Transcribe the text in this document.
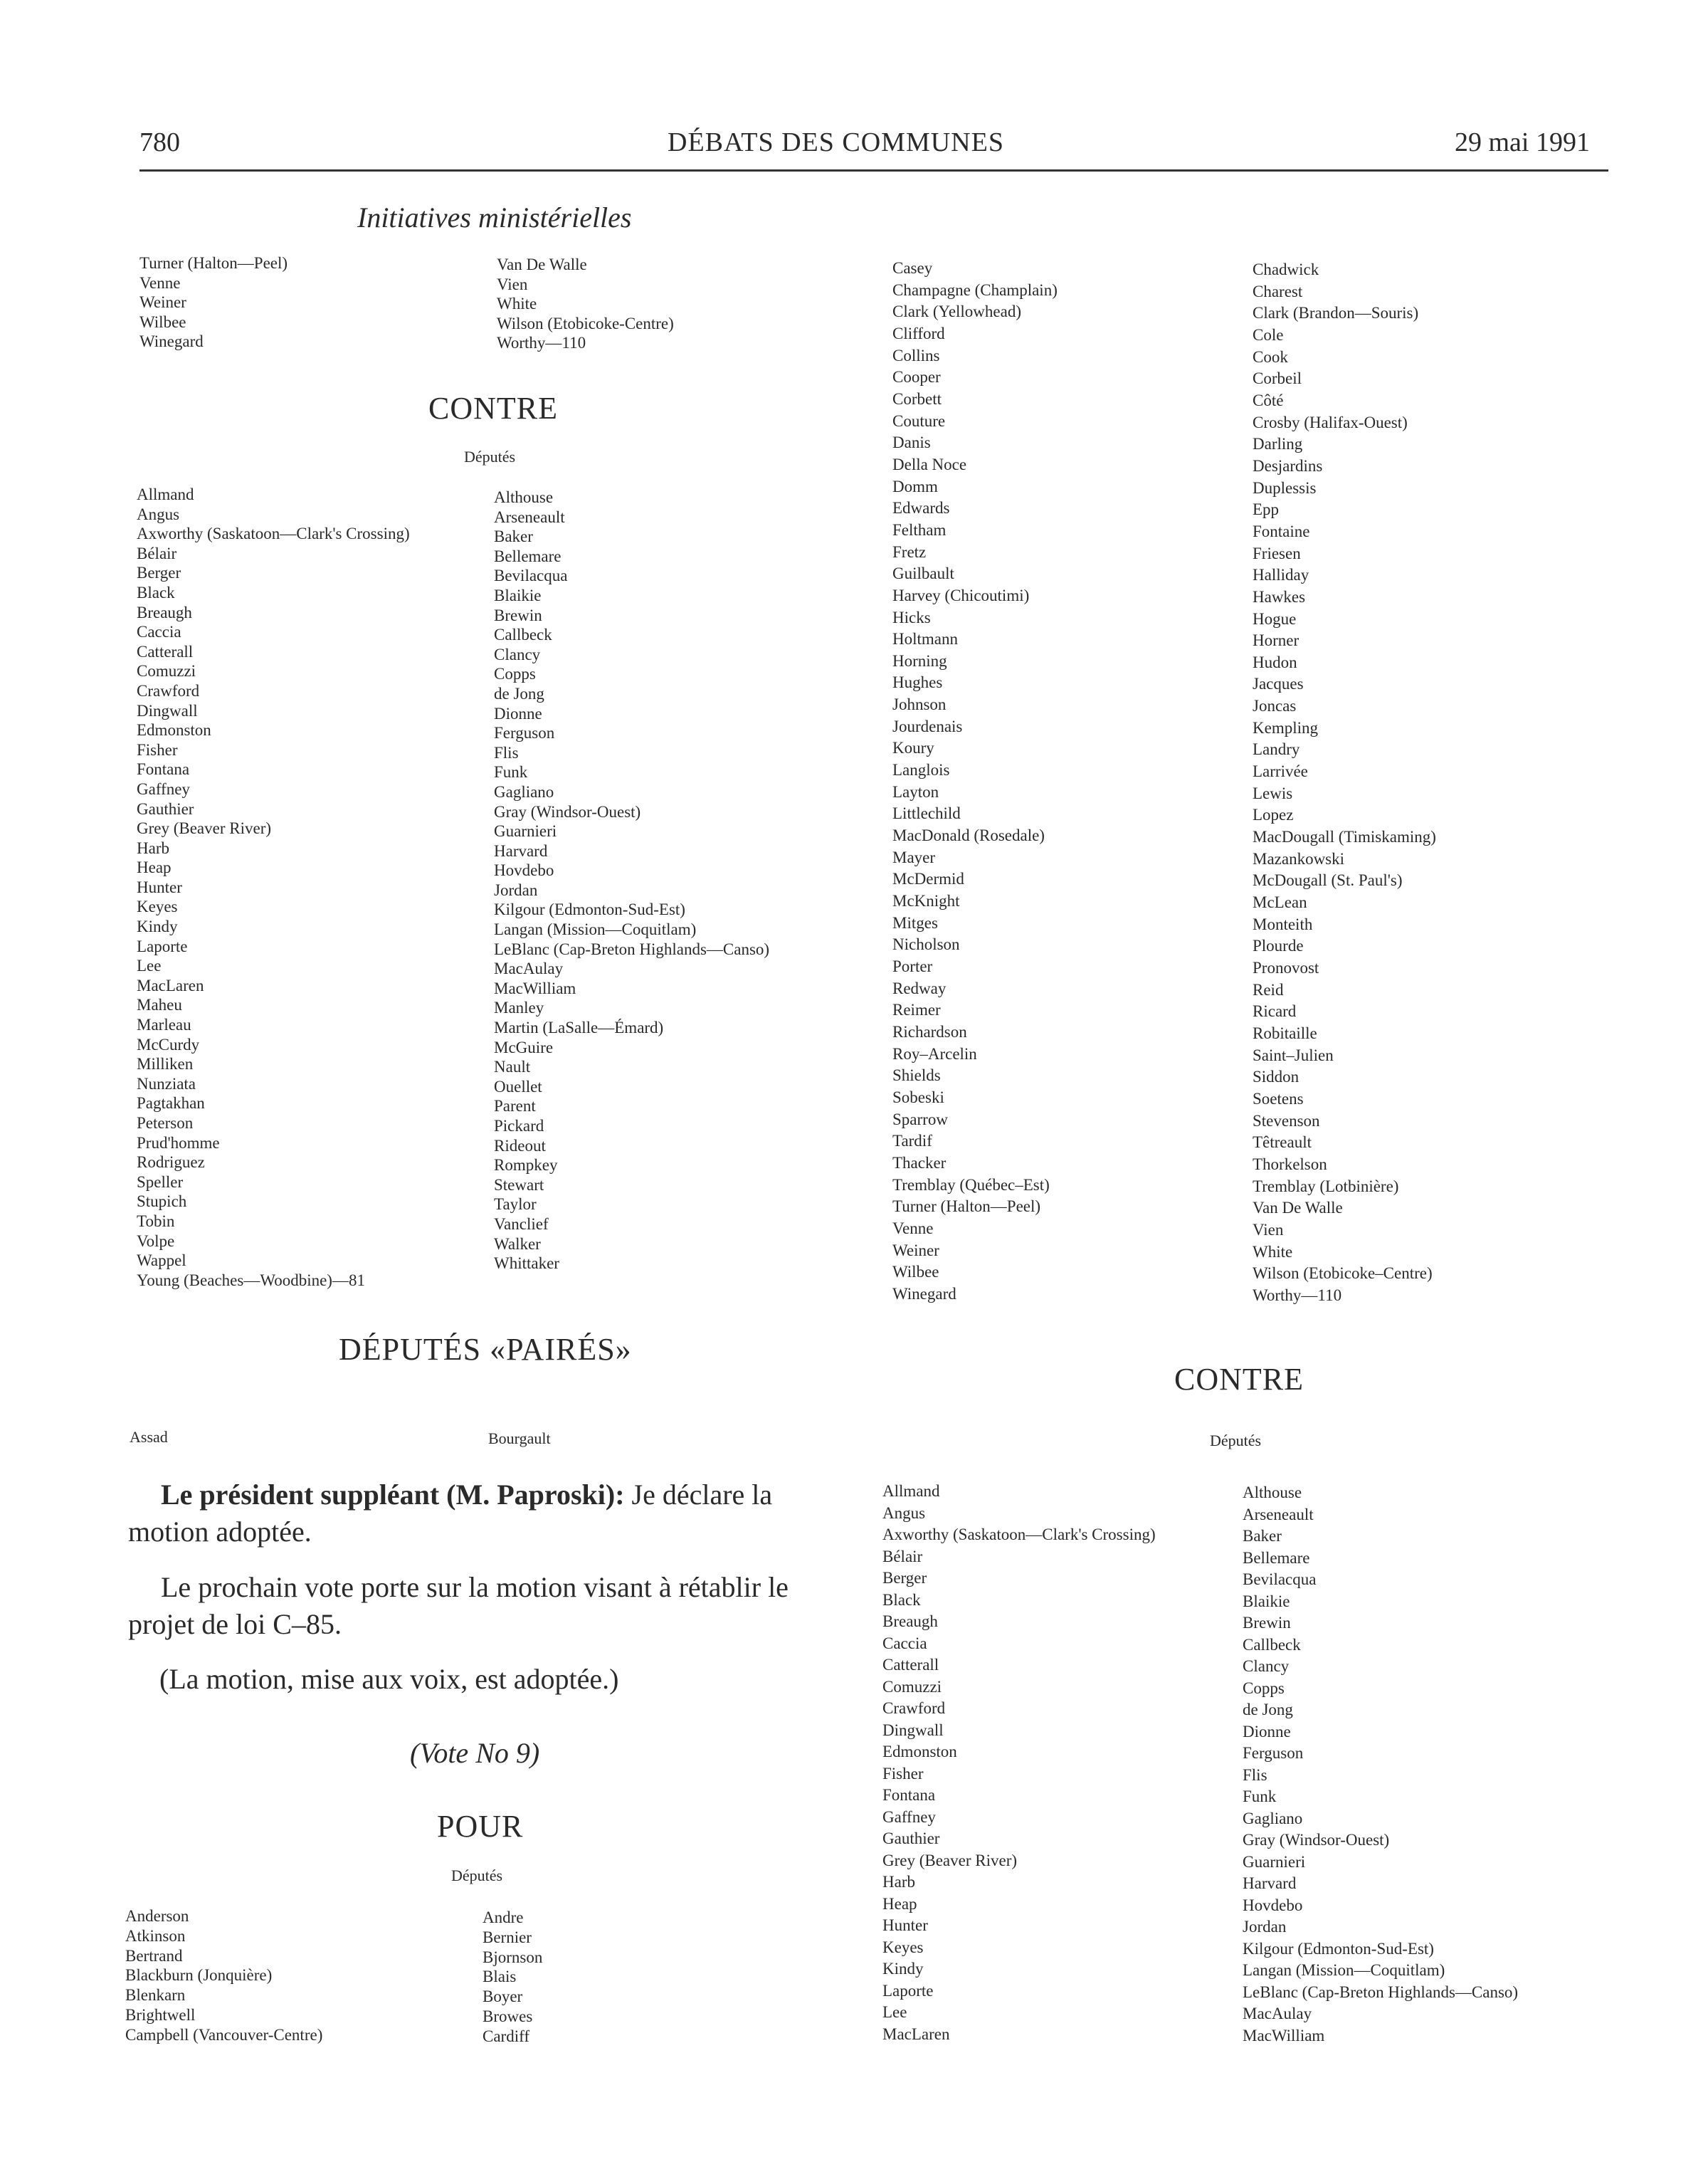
780	DÉBATS DES COMMUNES	29 mai 1991
Initiatives ministérielles
Turner (Halton—Peel)
Venne
Weiner
Wilbee
Winegard
Van De Walle
Vien
White
Wilson (Etobicoke-Centre)
Worthy—110
CONTRE
Députés
Allmand
Angus
Axworthy (Saskatoon—Clark's Crossing)
Bélair
Berger
Black
Breaugh
Caccia
Catterall
Comuzzi
Crawford
Dingwall
Edmonston
Fisher
Fontana
Gaffney
Gauthier
Grey (Beaver River)
Harb
Heap
Hunter
Keyes
Kindy
Laporte
Lee
MacLaren
Maheu
Marleau
McCurdy
Milliken
Nunziata
Pagtakhan
Peterson
Prud'homme
Rodriguez
Speller
Stupich
Tobin
Volpe
Wappel
Young (Beaches—Woodbine)—81
Althouse
Arseneault
Baker
Bellemare
Bevilacqua
Blaikie
Brewin
Callbeck
Clancy
Copps
de Jong
Dionne
Ferguson
Flis
Funk
Gagliano
Gray (Windsor-Ouest)
Guarnieri
Harvard
Hovdebo
Jordan
Kilgour (Edmonton-Sud-Est)
Langan (Mission—Coquitlam)
LeBlanc (Cap-Breton Highlands—Canso)
MacAulay
MacWilliam
Manley
Martin (LaSalle—Émard)
McGuire
Nault
Ouellet
Parent
Pickard
Rideout
Rompkey
Stewart
Taylor
Vanclief
Walker
Whittaker
DÉPUTÉS «PAIRÉS»
Assad	Bourgault
Le président suppléant (M. Paproski): Je déclare la motion adoptée.
Le prochain vote porte sur la motion visant à rétablir le projet de loi C–85.
(La motion, mise aux voix, est adoptée.)
(Vote No 9)
POUR
Députés
Anderson
Atkinson
Bertrand
Blackburn (Jonquière)
Blenkarn
Brightwell
Campbell (Vancouver-Centre)
Andre
Bernier
Bjornson
Blais
Boyer
Browes
Cardiff
Casey
Champagne (Champlain)
Clark (Yellowhead)
Clifford
Collins
Cooper
Corbett
Couture
Danis
Della Noce
Domm
Edwards
Feltham
Fretz
Guilbault
Harvey (Chicoutimi)
Hicks
Holtmann
Horning
Hughes
Johnson
Jourdenais
Koury
Langlois
Layton
Littlechild
MacDonald (Rosedale)
Mayer
McDermid
McKnight
Mitges
Nicholson
Porter
Redway
Reimer
Richardson
Roy–Arcelin
Shields
Sobeski
Sparrow
Tardif
Thacker
Tremblay (Québec–Est)
Turner (Halton—Peel)
Venne
Weiner
Wilbee
Winegard
Chadwick
Charest
Clark (Brandon—Souris)
Cole
Cook
Corbeil
Côté
Crosby (Halifax-Ouest)
Darling
Desjardins
Duplessis
Epp
Fontaine
Friesen
Halliday
Hawkes
Hogue
Horner
Hudon
Jacques
Joncas
Kempling
Landry
Larrivée
Lewis
Lopez
MacDougall (Timiskaming)
Mazankowski
McDougall (St. Paul's)
McLean
Monteith
Plourde
Pronovost
Reid
Ricard
Robitaille
Saint–Julien
Siddon
Soetens
Stevenson
Têtreault
Thorkelson
Tremblay (Lotbinière)
Van De Walle
Vien
White
Wilson (Etobicoke–Centre)
Worthy—110
CONTRE
Députés
Allmand
Angus
Axworthy (Saskatoon—Clark's Crossing)
Bélair
Berger
Black
Breaugh
Caccia
Catterall
Comuzzi
Crawford
Dingwall
Edmonston
Fisher
Fontana
Gaffney
Gauthier
Grey (Beaver River)
Harb
Heap
Hunter
Keyes
Kindy
Laporte
Lee
MacLaren
Althouse
Arseneault
Baker
Bellemare
Bevilacqua
Blaikie
Brewin
Callbeck
Clancy
Copps
de Jong
Dionne
Ferguson
Flis
Funk
Gagliano
Gray (Windsor-Ouest)
Guarnieri
Harvard
Hovdebo
Jordan
Kilgour (Edmonton-Sud-Est)
Langan (Mission—Coquitlam)
LeBlanc (Cap-Breton Highlands—Canso)
MacAulay
MacWilliam
